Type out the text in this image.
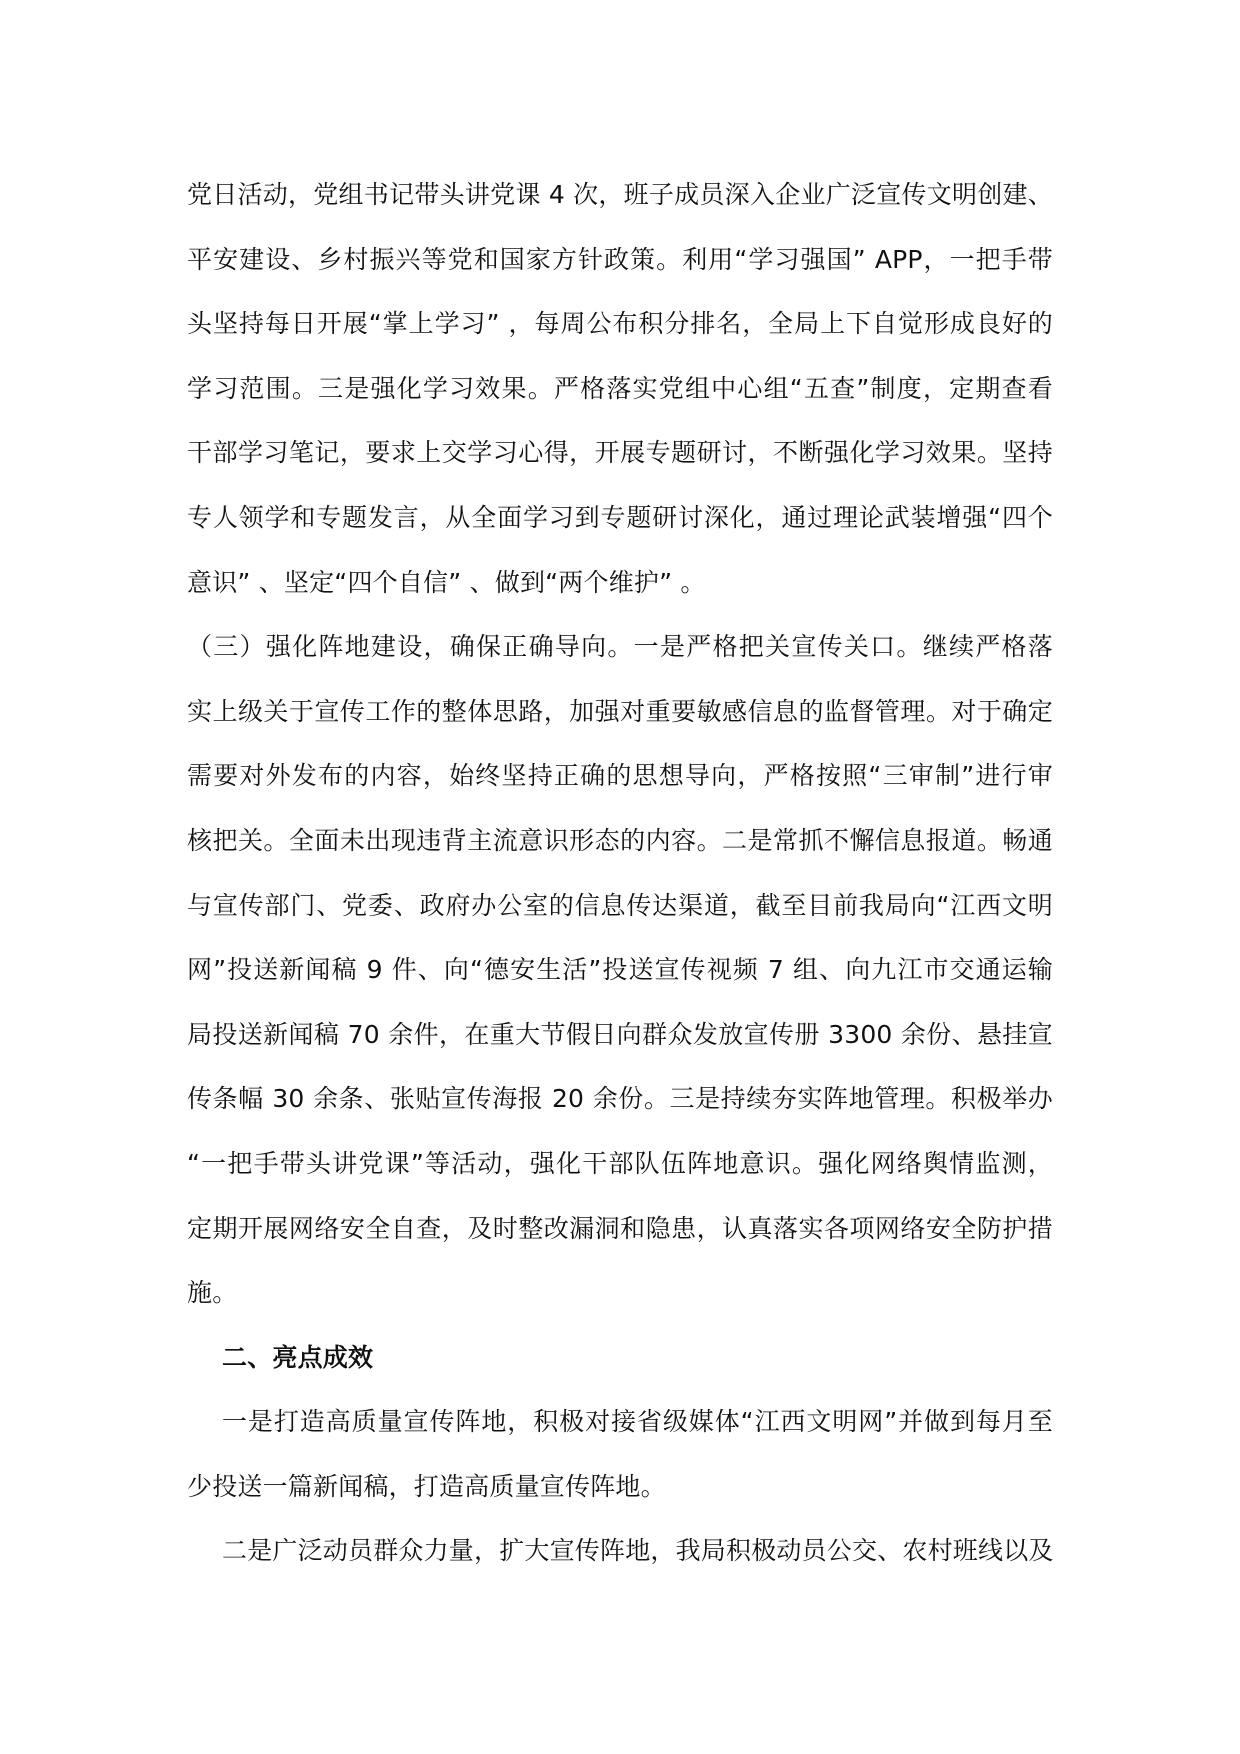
党日活动，党组书记带头讲党课 4 次，班子成员深入企业广泛宣传文明创建、
平安建设、乡村振兴等党和国家方针政策。利用“学习强国” APP，一把手带
头坚持每日开展“掌上学习” ，每周公布积分排名，全局上下自觉形成良好的
学习范围。三是强化学习效果。严格落实党组中心组“五查”制度，定期查看
干部学习笔记，要求上交学习心得，开展专题研讨，不断强化学习效果。坚持
专人领学和专题发言，从全面学习到专题研讨深化，通过理论武装增强“四个
意识” 、坚定“四个自信” 、做到“两个维护” 。
（三）强化阵地建设，确保正确导向。一是严格把关宣传关口。继续严格落
实上级关于宣传工作的整体思路，加强对重要敏感信息的监督管理。对于确定
需要对外发布的内容，始终坚持正确的思想导向，严格按照“三审制”进行审
核把关。全面未出现违背主流意识形态的内容。二是常抓不懈信息报道。畅通
与宣传部门、党委、政府办公室的信息传达渠道，截至目前我局向“江西文明
网”投送新闻稿 9 件、向“德安生活”投送宣传视频 7 组、向九江市交通运输
局投送新闻稿 70 余件，在重大节假日向群众发放宣传册 3300 余份、悬挂宣
传条幅 30 余条、张贴宣传海报 20 余份。三是持续夯实阵地管理。积极举办
“一把手带头讲党课”等活动，强化干部队伍阵地意识。强化网络舆情监测，
定期开展网络安全自查，及时整改漏洞和隐患，认真落实各项网络安全防护措
施。
二、亮点成效
一是打造高质量宣传阵地，积极对接省级媒体“江西文明网”并做到每月至
少投送一篇新闻稿，打造高质量宣传阵地。
二是广泛动员群众力量，扩大宣传阵地，我局积极动员公交、农村班线以及
